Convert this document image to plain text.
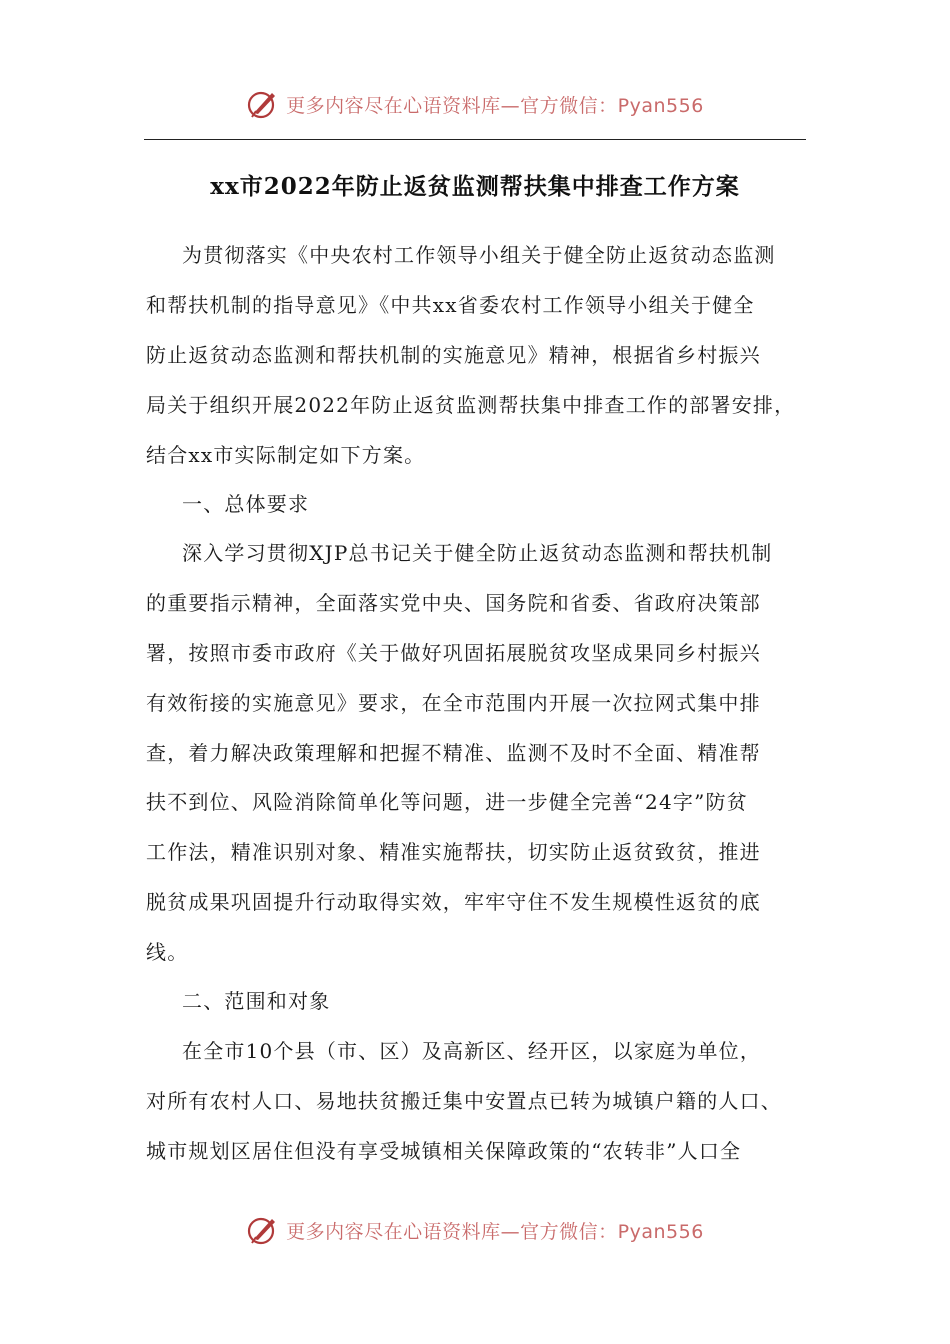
更多内容尽在心语资料库—官方微信：Pyan556
xx市2022年防止返贫监测帮扶集中排查工作方案

为贯彻落实《中央农村工作领导小组关于健全防止返贫动态监测

和帮扶机制的指导意见》《中共xx省委农村工作领导小组关于健全

防止返贫动态监测和帮扶机制的实施意见》精神，根据省乡村振兴

局关于组织开展2022年防止返贫监测帮扶集中排查工作的部署安排，

结合xx市实际制定如下方案。

一、总体要求

深入学习贯彻XJP总书记关于健全防止返贫动态监测和帮扶机制

的重要指示精神，全面落实党中央、国务院和省委、省政府决策部

署，按照市委市政府《关于做好巩固拓展脱贫攻坚成果同乡村振兴

有效衔接的实施意见》要求，在全市范围内开展一次拉网式集中排

查，着力解决政策理解和把握不精准、监测不及时不全面、精准帮

扶不到位、风险消除简单化等问题，进一步健全完善“24字”防贫

工作法，精准识别对象、精准实施帮扶，切实防止返贫致贫，推进

脱贫成果巩固提升行动取得实效，牢牢守住不发生规模性返贫的底

线。

二、范围和对象

在全市10个县（市、区）及高新区、经开区，以家庭为单位，

对所有农村人口、易地扶贫搬迁集中安置点已转为城镇户籍的人口、

城市规划区居住但没有享受城镇相关保障政策的“农转非”人口全

更多内容尽在心语资料库—官方微信：Pyan556
